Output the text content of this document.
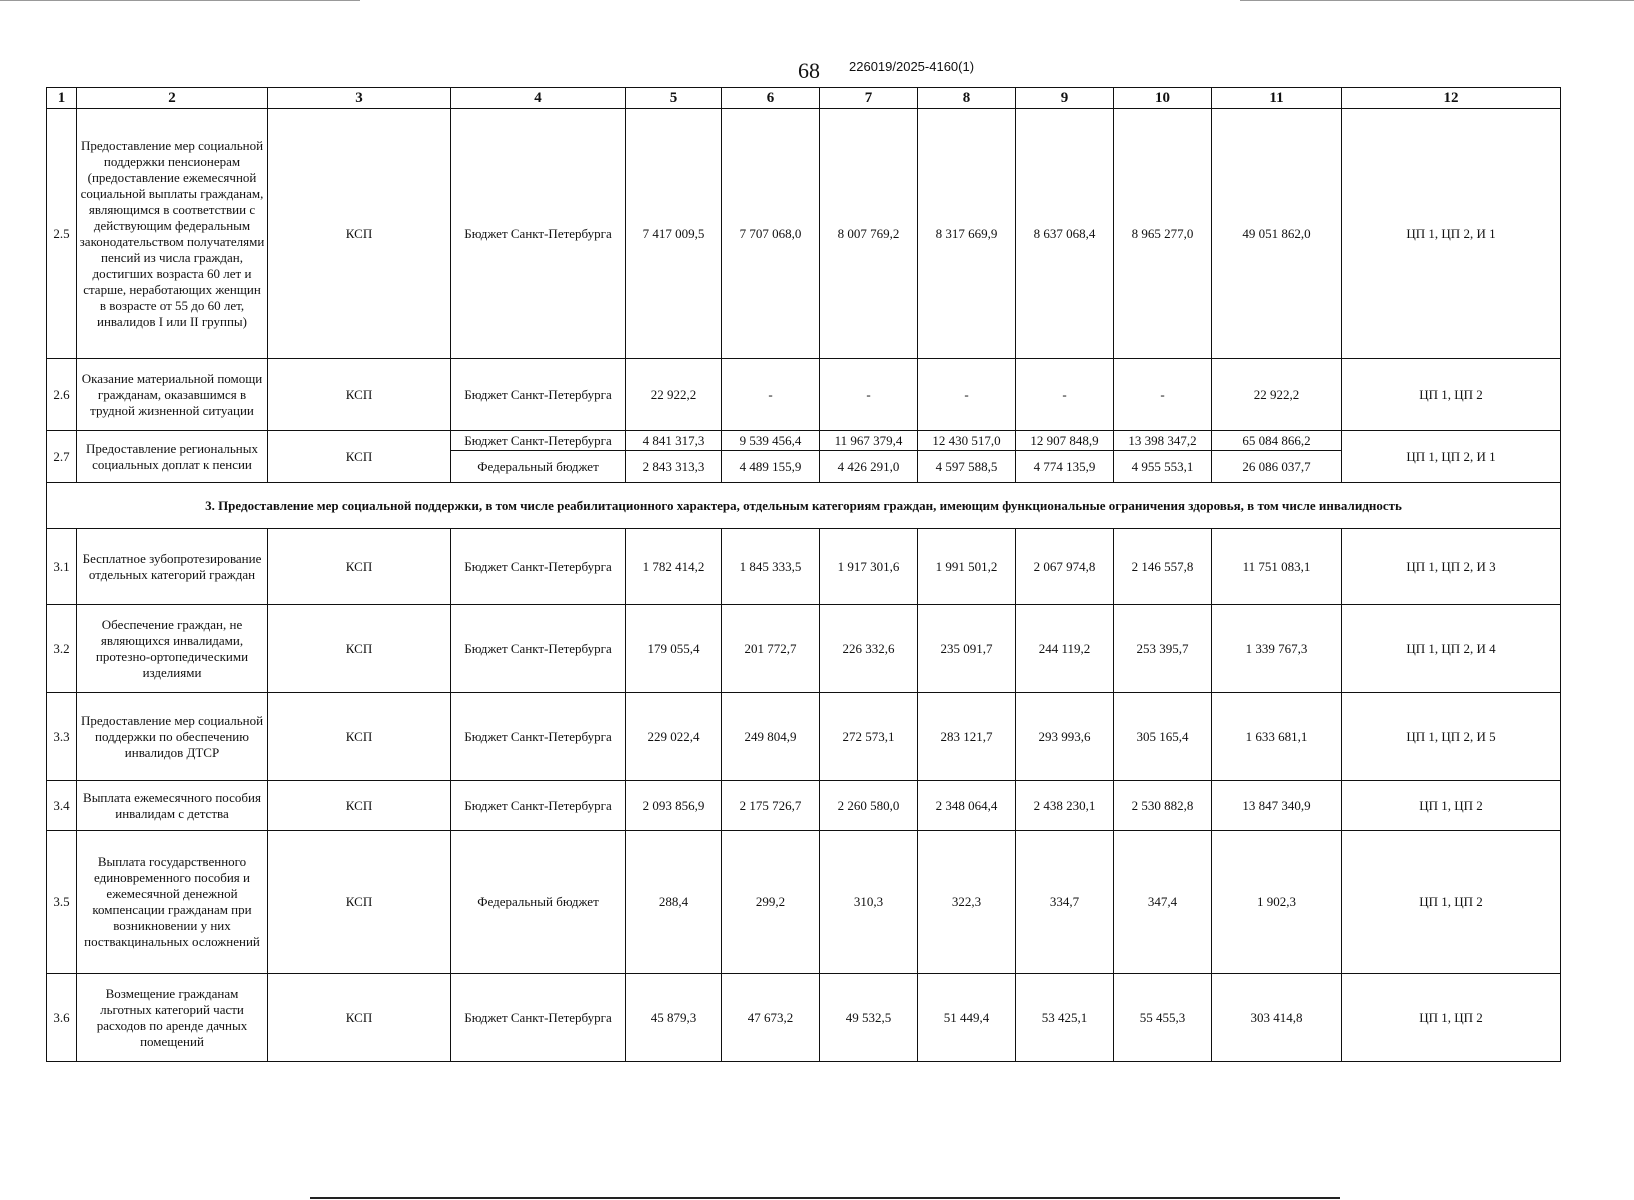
68 226019/2025-4160(1)
1	2	3	4	5	6	7	8	9	10	11	12
2.5	Предоставление мер социальной поддержки пенсионерам (предоставление ежемесячной социальной выплаты гражданам, являющимся в соответствии с действующим федеральным законодательством получателями пенсий из числа граждан, достигших возраста 60 лет и старше, неработающих женщин в возрасте от 55 до 60 лет, инвалидов I или II группы)	КСП	Бюджет Санкт-Петербурга	7 417 009,5	7 707 068,0	8 007 769,2	8 317 669,9	8 637 068,4	8 965 277,0	49 051 862,0	ЦП 1, ЦП 2, И 1
2.6	Оказание материальной помощи гражданам, оказавшимся в трудной жизненной ситуации	КСП	Бюджет Санкт-Петербурга	22 922,2	-	-	-	-	-	22 922,2	ЦП 1, ЦП 2
2.7	Предоставление региональных социальных доплат к пенсии	КСП	Бюджет Санкт-Петербурга	4 841 317,3	9 539 456,4	11 967 379,4	12 430 517,0	12 907 848,9	13 398 347,2	65 084 866,2	ЦП 1, ЦП 2, И 1
			Федеральный бюджет	2 843 313,3	4 489 155,9	4 426 291,0	4 597 588,5	4 774 135,9	4 955 553,1	26 086 037,7	
3. Предоставление мер социальной поддержки, в том числе реабилитационного характера, отдельным категориям граждан, имеющим функциональные ограничения здоровья, в том числе инвалидность											
3.1	Бесплатное зубопротезирование отдельных категорий граждан	КСП	Бюджет Санкт-Петербурга	1 782 414,2	1 845 333,5	1 917 301,6	1 991 501,2	2 067 974,8	2 146 557,8	11 751 083,1	ЦП 1, ЦП 2, И 3
3.2	Обеспечение граждан, не являющихся инвалидами, протезно-ортопедическими изделиями	КСП	Бюджет Санкт-Петербурга	179 055,4	201 772,7	226 332,6	235 091,7	244 119,2	253 395,7	1 339 767,3	ЦП 1, ЦП 2, И 4
3.3	Предоставление мер социальной поддержки по обеспечению инвалидов ДТСР	КСП	Бюджет Санкт-Петербурга	229 022,4	249 804,9	272 573,1	283 121,7	293 993,6	305 165,4	1 633 681,1	ЦП 1, ЦП 2, И 5
3.4	Выплата ежемесячного пособия инвалидам с детства	КСП	Бюджет Санкт-Петербурга	2 093 856,9	2 175 726,7	2 260 580,0	2 348 064,4	2 438 230,1	2 530 882,8	13 847 340,9	ЦП 1, ЦП 2
3.5	Выплата государственного единовременного пособия и ежемесячной денежной компенсации гражданам при возникновении у них поствакцинальных осложнений	КСП	Федеральный бюджет	288,4	299,2	310,3	322,3	334,7	347,4	1 902,3	ЦП 1, ЦП 2
3.6	Возмещение гражданам льготных категорий части расходов по аренде дачных помещений	КСП	Бюджет Санкт-Петербурга	45 879,3	47 673,2	49 532,5	51 449,4	53 425,1	55 455,3	303 414,8	ЦП 1, ЦП 2
